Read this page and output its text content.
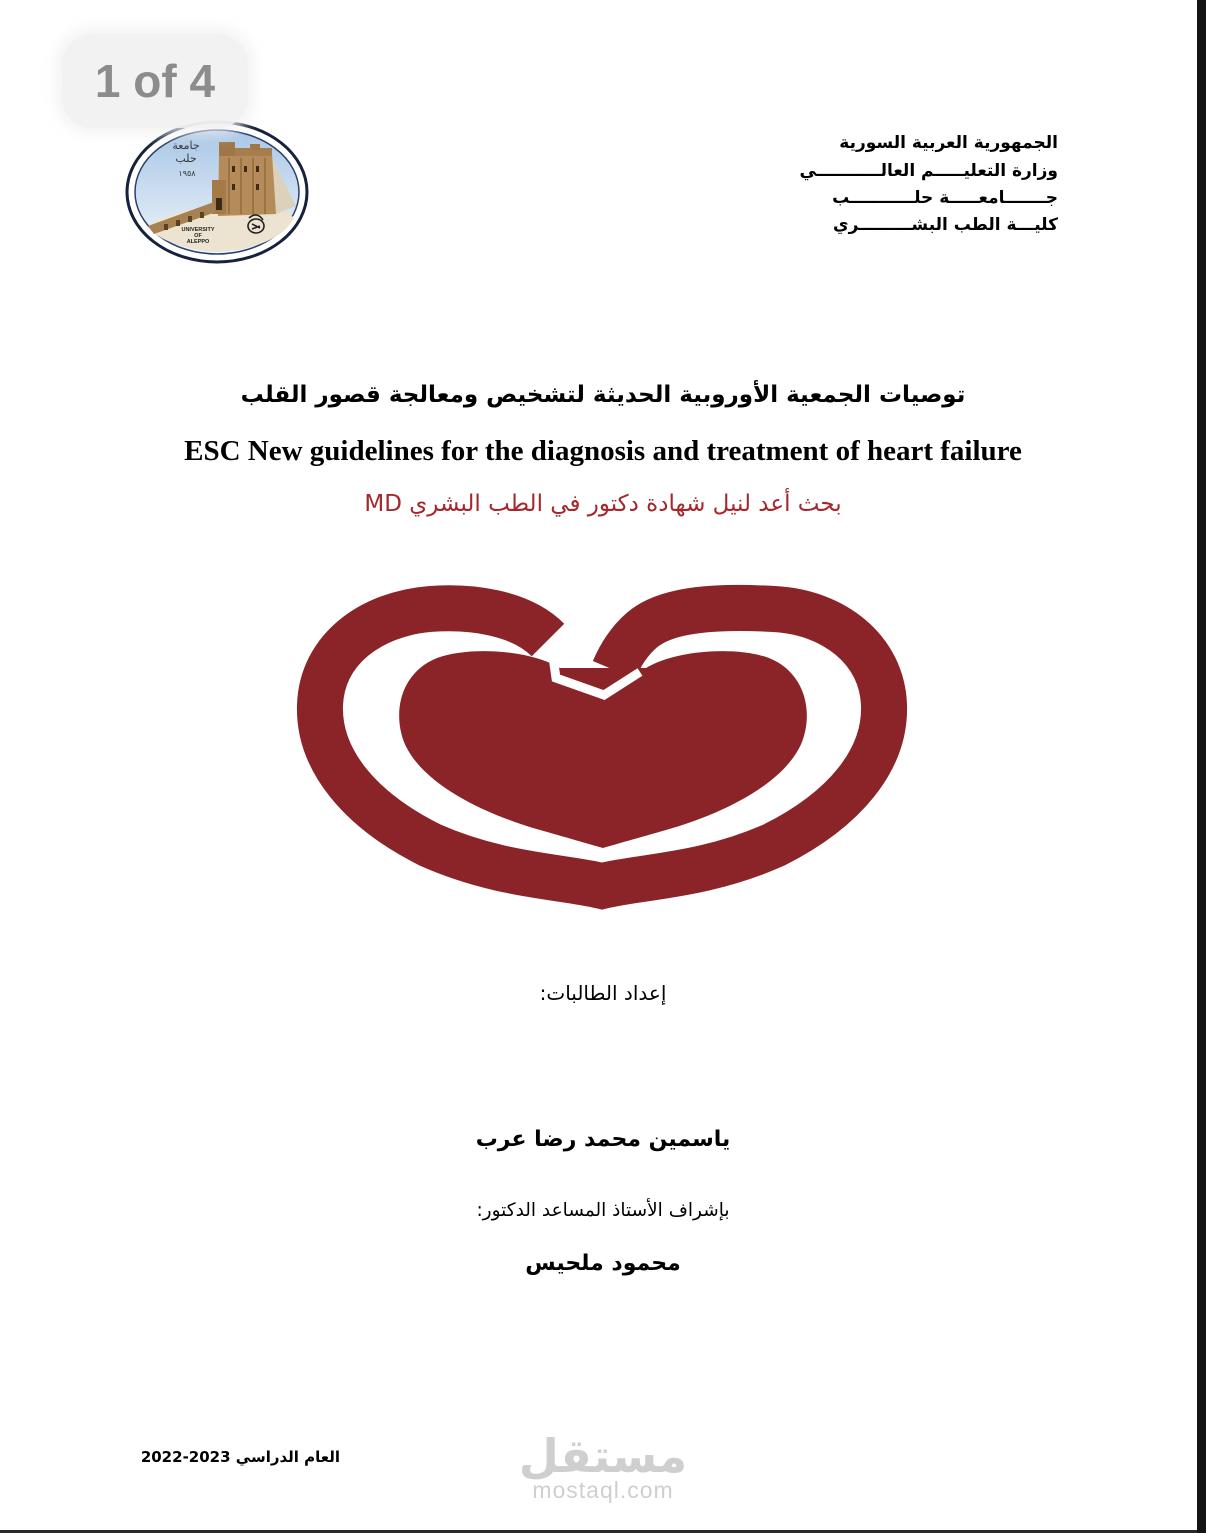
1 of 4
جامعة
حلب
١٩٥٨
UNIVERSITY
OF
ALEPPO
الجمهورية العربية السورية
وزارة التعليـــــم العالـــــــــــي
جـــــــامعـــــة حلـــــــــــب
كليـــة الطب البشـــــــــري
توصيات الجمعية الأوروبية الحديثة لتشخيص ومعالجة قصور القلب
ESC New guidelines for the diagnosis and treatment of heart failure
بحث أعد لنيل شهادة دكتور في الطب البشري MD
إعداد الطالبات:
ياسمين محمد رضا عرب
بإشراف الأستاذ المساعد الدكتور:
محمود ملحيس
العام الدراسي 2023-2022	مستقل
mostaql.com
